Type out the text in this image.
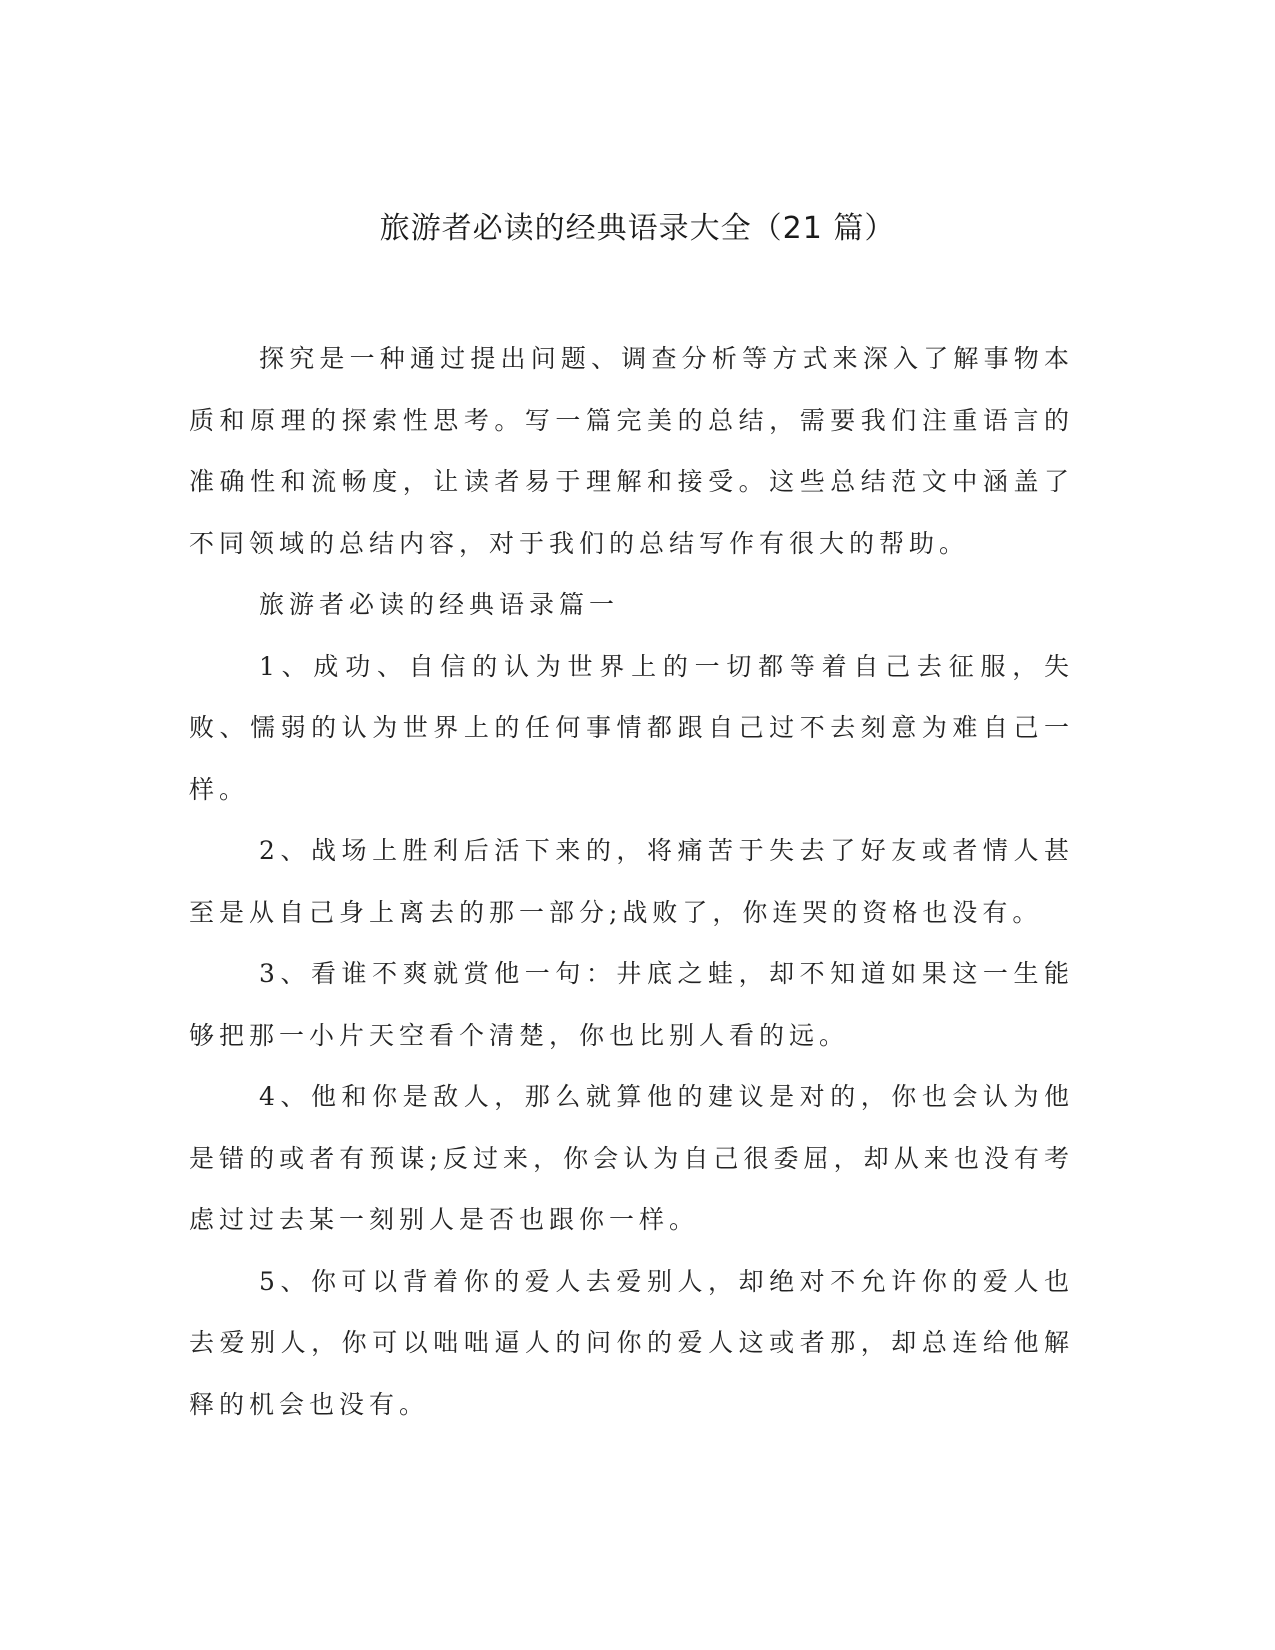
旅游者必读的经典语录大全（21 篇）

探究是一种通过提出问题、调查分析等方式来深入了解事物本质和原理的探索性思考。写一篇完美的总结，需要我们注重语言的准确性和流畅度，让读者易于理解和接受。这些总结范文中涵盖了不同领域的总结内容，对于我们的总结写作有很大的帮助。

旅游者必读的经典语录篇一

1、成功、自信的认为世界上的一切都等着自己去征服，失败、懦弱的认为世界上的任何事情都跟自己过不去刻意为难自己一样。

2、战场上胜利后活下来的，将痛苦于失去了好友或者情人甚至是从自己身上离去的那一部分;战败了，你连哭的资格也没有。

3、看谁不爽就赏他一句：井底之蛙，却不知道如果这一生能够把那一小片天空看个清楚，你也比别人看的远。

4、他和你是敌人，那么就算他的建议是对的，你也会认为他是错的或者有预谋;反过来，你会认为自己很委屈，却从来也没有考虑过过去某一刻别人是否也跟你一样。

5、你可以背着你的爱人去爱别人，却绝对不允许你的爱人也去爱别人，你可以咄咄逼人的问你的爱人这或者那，却总连给他解释的机会也没有。
